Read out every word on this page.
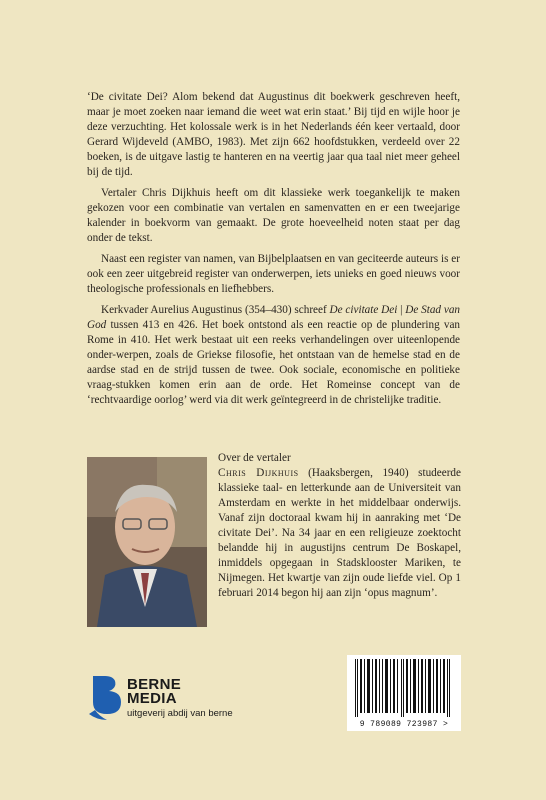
‘De civitate Dei? Alom bekend dat Augustinus dit boekwerk geschreven heeft, maar je moet zoeken naar iemand die weet wat erin staat.’ Bij tijd en wijle hoor je deze verzuchting. Het kolossale werk is in het Nederlands één keer vertaald, door Gerard Wijdeveld (AMBO, 1983). Met zijn 662 hoofdstukken, verdeeld over 22 boeken, is de uitgave lastig te hanteren en na veertig jaar qua taal niet meer geheel bij de tijd.

Vertaler Chris Dijkhuis heeft om dit klassieke werk toegankelijk te maken gekozen voor een combinatie van vertalen en samenvatten en er een tweejarige kalender in boekvorm van gemaakt. De grote hoeveelheid noten staat per dag onder de tekst.

Naast een register van namen, van Bijbelplaatsen en van geciteerde auteurs is er ook een zeer uitgebreid register van onderwerpen, iets unieks en goed nieuws voor theologische professionals en liefhebbers.

Kerkvader Aurelius Augustinus (354–430) schreef De civitate Dei | De Stad van God tussen 413 en 426. Het boek ontstond als een reactie op de plundering van Rome in 410. Het werk bestaat uit een reeks verhandelingen over uiteenlopende onder-werpen, zoals de Griekse filosofie, het ontstaan van de hemelse stad en de aardse stad en de strijd tussen de twee. Ook sociale, economische en politieke vraag-stukken komen erin aan de orde. Het Romeinse concept van de ‘rechtvaardige oorlog’ werd via dit werk geïntegreerd in de christelijke traditie.

Over de vertaler

Chris Dijkhuis (Haaksbergen, 1940) studeerde klassieke taal- en letterkunde aan de Universiteit van Amsterdam en werkte in het middelbaar onderwijs. Vanaf zijn doctoraal kwam hij in aanraking met ‘De civitate Dei’. Na 34 jaar en een religieuze zoektocht belandde hij in augustijns centrum De Boskapel, inmiddels opgegaan in Stadsklooster Mariken, te Nijmegen. Het kwartje van zijn oude liefde viel. Op 1 februari 2014 begon hij aan zijn ‘opus magnum’.

BERNE
MEDIA
uitgeverij abdij van berne
9 789089 723987 >
